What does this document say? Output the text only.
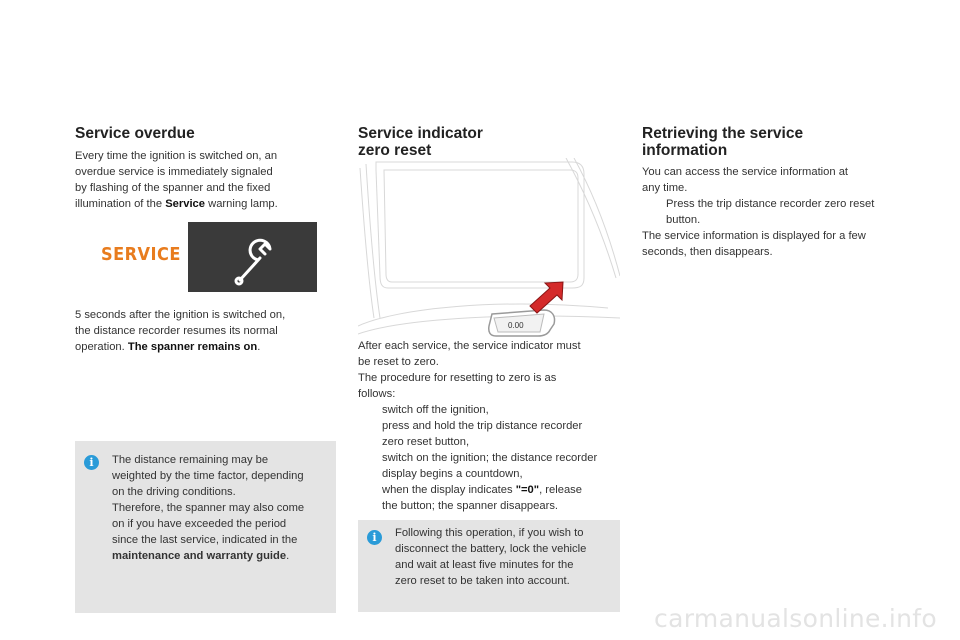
Service overdue
Every time the ignition is switched on, an
overdue service is immediately signaled
by flashing of the spanner and the fixed
illumination of the Service warning lamp.
SERVICE
5 seconds after the ignition is switched on,
the distance recorder resumes its normal
operation. The spanner remains on.
i	The distance remaining may be
weighted by the time factor, depending
on the driving conditions.
Therefore, the spanner may also come
on if you have exceeded the period
since the last service, indicated in the
maintenance and warranty guide.
Service indicator
zero reset
0.00
After each service, the service indicator must
be reset to zero.
The procedure for resetting to zero is as
follows:
switch off the ignition,
press and hold the trip distance recorder
zero reset button,
switch on the ignition; the distance recorder
display begins a countdown,
when the display indicates "=0", release
the button; the spanner disappears.
i	Following this operation, if you wish to
disconnect the battery, lock the vehicle
and wait at least five minutes for the
zero reset to be taken into account.
Retrieving the service
information
You can access the service information at
any time.
Press the trip distance recorder zero reset
button.
The service information is displayed for a few
seconds, then disappears.
carmanualsonline.info
